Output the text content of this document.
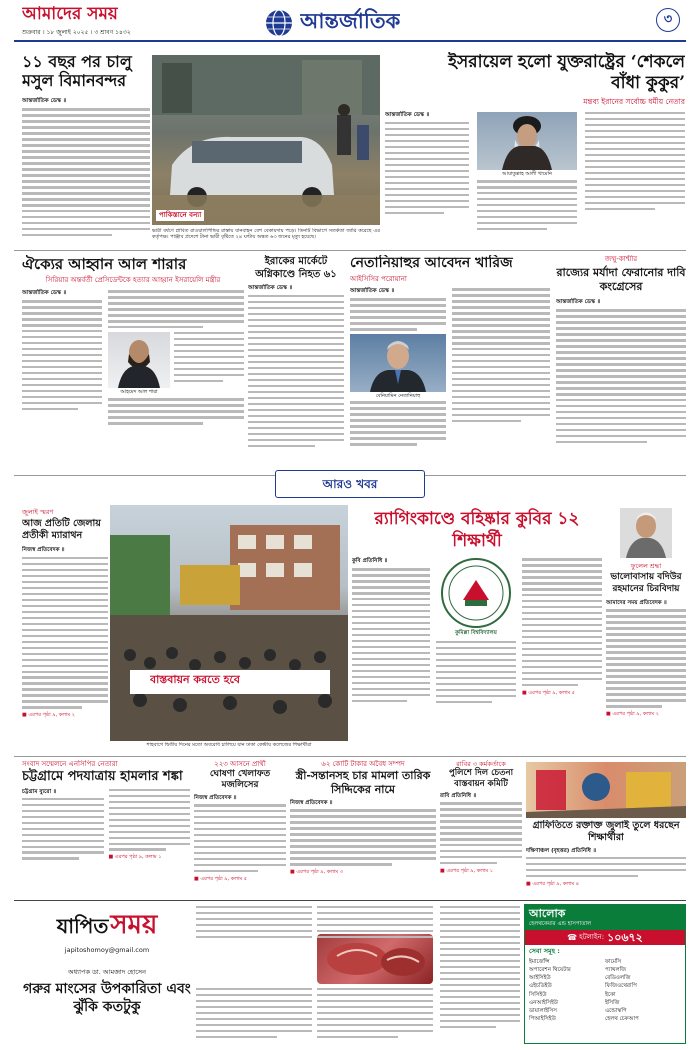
আমাদের সময়
শুক্রবার । ১৮ জুলাই ২০২৫ । ৩ শ্রাবণ ১৪৩২	আন্তর্জাতিক	৩
১১ বছর পর চালু মসুল বিমানবন্দর
আন্তর্জাতিক ডেস্ক ॥
পাকিস্তানে বন্যা
ভারী বর্ষণে প্লাবিত রাওয়ালপিন্ডির রাস্তায় যানবাহন বেশ বেকায়দায় পড়ে। তিনটি বিভাগে সতর্কতা জারি করেছে এর কর্তৃপক্ষ। পাঞ্জাব প্রদেশে টানা ভারী বৃষ্টিতে ২৪ ঘণ্টায় অন্তত ৬৩ জনের মৃত্যু হয়েছে।
ইসরায়েল হলো যুক্তরাষ্ট্রের ‘শেকলে বাঁধা কুকুর’
মন্তব্য ইরানের সর্বোচ্চ ধর্মীয় নেতার
আন্তর্জাতিক ডেস্ক ॥
আয়াতুল্লাহ আলী খামেনি
ঐক্যের আহ্বান আল শারার
সিরিয়ার অন্তর্বর্তী প্রেসিডেন্টকে হত্যার আহ্বান ইসরায়েলি মন্ত্রীর
আন্তর্জাতিক ডেস্ক ॥
আহমেদ আল শারা
ইরাকের মার্কেটে অগ্নিকাণ্ডে নিহত ৬১
আন্তর্জাতিক ডেস্ক ॥
নেতানিয়াহুর আবেদন খারিজ
আইসিসির পরোয়ানা
আন্তর্জাতিক ডেস্ক ॥
বেনিয়ামিন নেতানিয়াহু
জম্মু-কাশ্মীর
রাজ্যের মর্যাদা ফেরানোর দাবি কংগ্রেসের
আন্তর্জাতিক ডেস্ক ॥
আরও খবর
জুলাই স্মরণ
আজ প্রতিটি জেলায় প্রতীকী ম্যারাথন
নিজস্ব প্রতিবেদক ॥
■ এরপর পৃষ্ঠা ৯, কলাম ২
বাস্তবায়ন করতে হবে
শাহবাগে দ্বিতীয় দিনের মতো অবরোধ চালিয়ে যান ঢাকা কেন্দ্রীয় কলেজের শিক্ষার্থীরা
র‍্যাগিংকাণ্ডে বহিষ্কার কুবির ১২ শিক্ষার্থী
কুবি প্রতিনিধি ॥
কুমিল্লা বিশ্ববিদ্যালয়
■ এরপর পৃষ্ঠা ৯, কলাম ৫
ফুলেল শ্রদ্ধা
ভালোবাসায় বদিউর রহমানের চিরবিদায়
আমাদের সময় প্রতিবেদক ॥
■ এরপর পৃষ্ঠা ৯, কলাম ২
সংবাদ সম্মেলনে এনসিপির নেতারা
চট্টগ্রামে পদযাত্রায় হামলার শঙ্কা
চট্টগ্রাম ব্যুরো ॥
■ এরপর পৃষ্ঠা ৯, কলাম ১
২২৩ আসনে প্রার্থী
ঘোষণা খেলাফত মজলিসের
নিজস্ব প্রতিবেদক ॥
■ এরপর পৃষ্ঠা ৯, কলাম ৫
৬২ কোটি টাকার অবৈধ সম্পদ
স্ত্রী-সন্তানসহ চার মামলা তারিক সিদ্দিকের নামে
নিজস্ব প্রতিবেদক ॥
■ এরপর পৃষ্ঠা ৯, কলাম ৩
রাবির ৩ কর্মকর্তাকে
পুলিশে দিল চেতনা বাস্তবায়ন কমিটি
রাবি প্রতিনিধি ॥
■ এরপর পৃষ্ঠা ৯, কলাম ১
গ্রাফিতিতে রক্তাক্ত জুলাই তুলে ধরছেন শিক্ষার্থীরা
দক্ষিণাঞ্চল (বৃহত্তর) প্রতিনিধি ॥
■ এরপর পৃষ্ঠা ৯, কলাম ৪
যাপিত সময়
japitoshomoy@gmail.com
অধ্যাপক ডা. আমজাদ হোসেন
গরুর মাংসের উপকারিতা এবং ঝুঁকি কতটুকু
আলোক
হেলথকেয়ার এন্ড হাসপাতাল
☎ হটলাইন: ১০৬৭২
সেবা সমূহ :
ইমার্জেন্সি
অপারেশন থিয়েটার
আইসিইউ
এইচডিইউ
সিসিইউ
এনআইসিইউ
ডায়ালাইসিস
পিআইসিইউ
ফার্মেসি
প্যাথলজি
রেডিওলজি
ফিজিওথেরাপি
ইকো
ইসিজি
এন্ডোস্কপি
হেলথ চেকআপ
